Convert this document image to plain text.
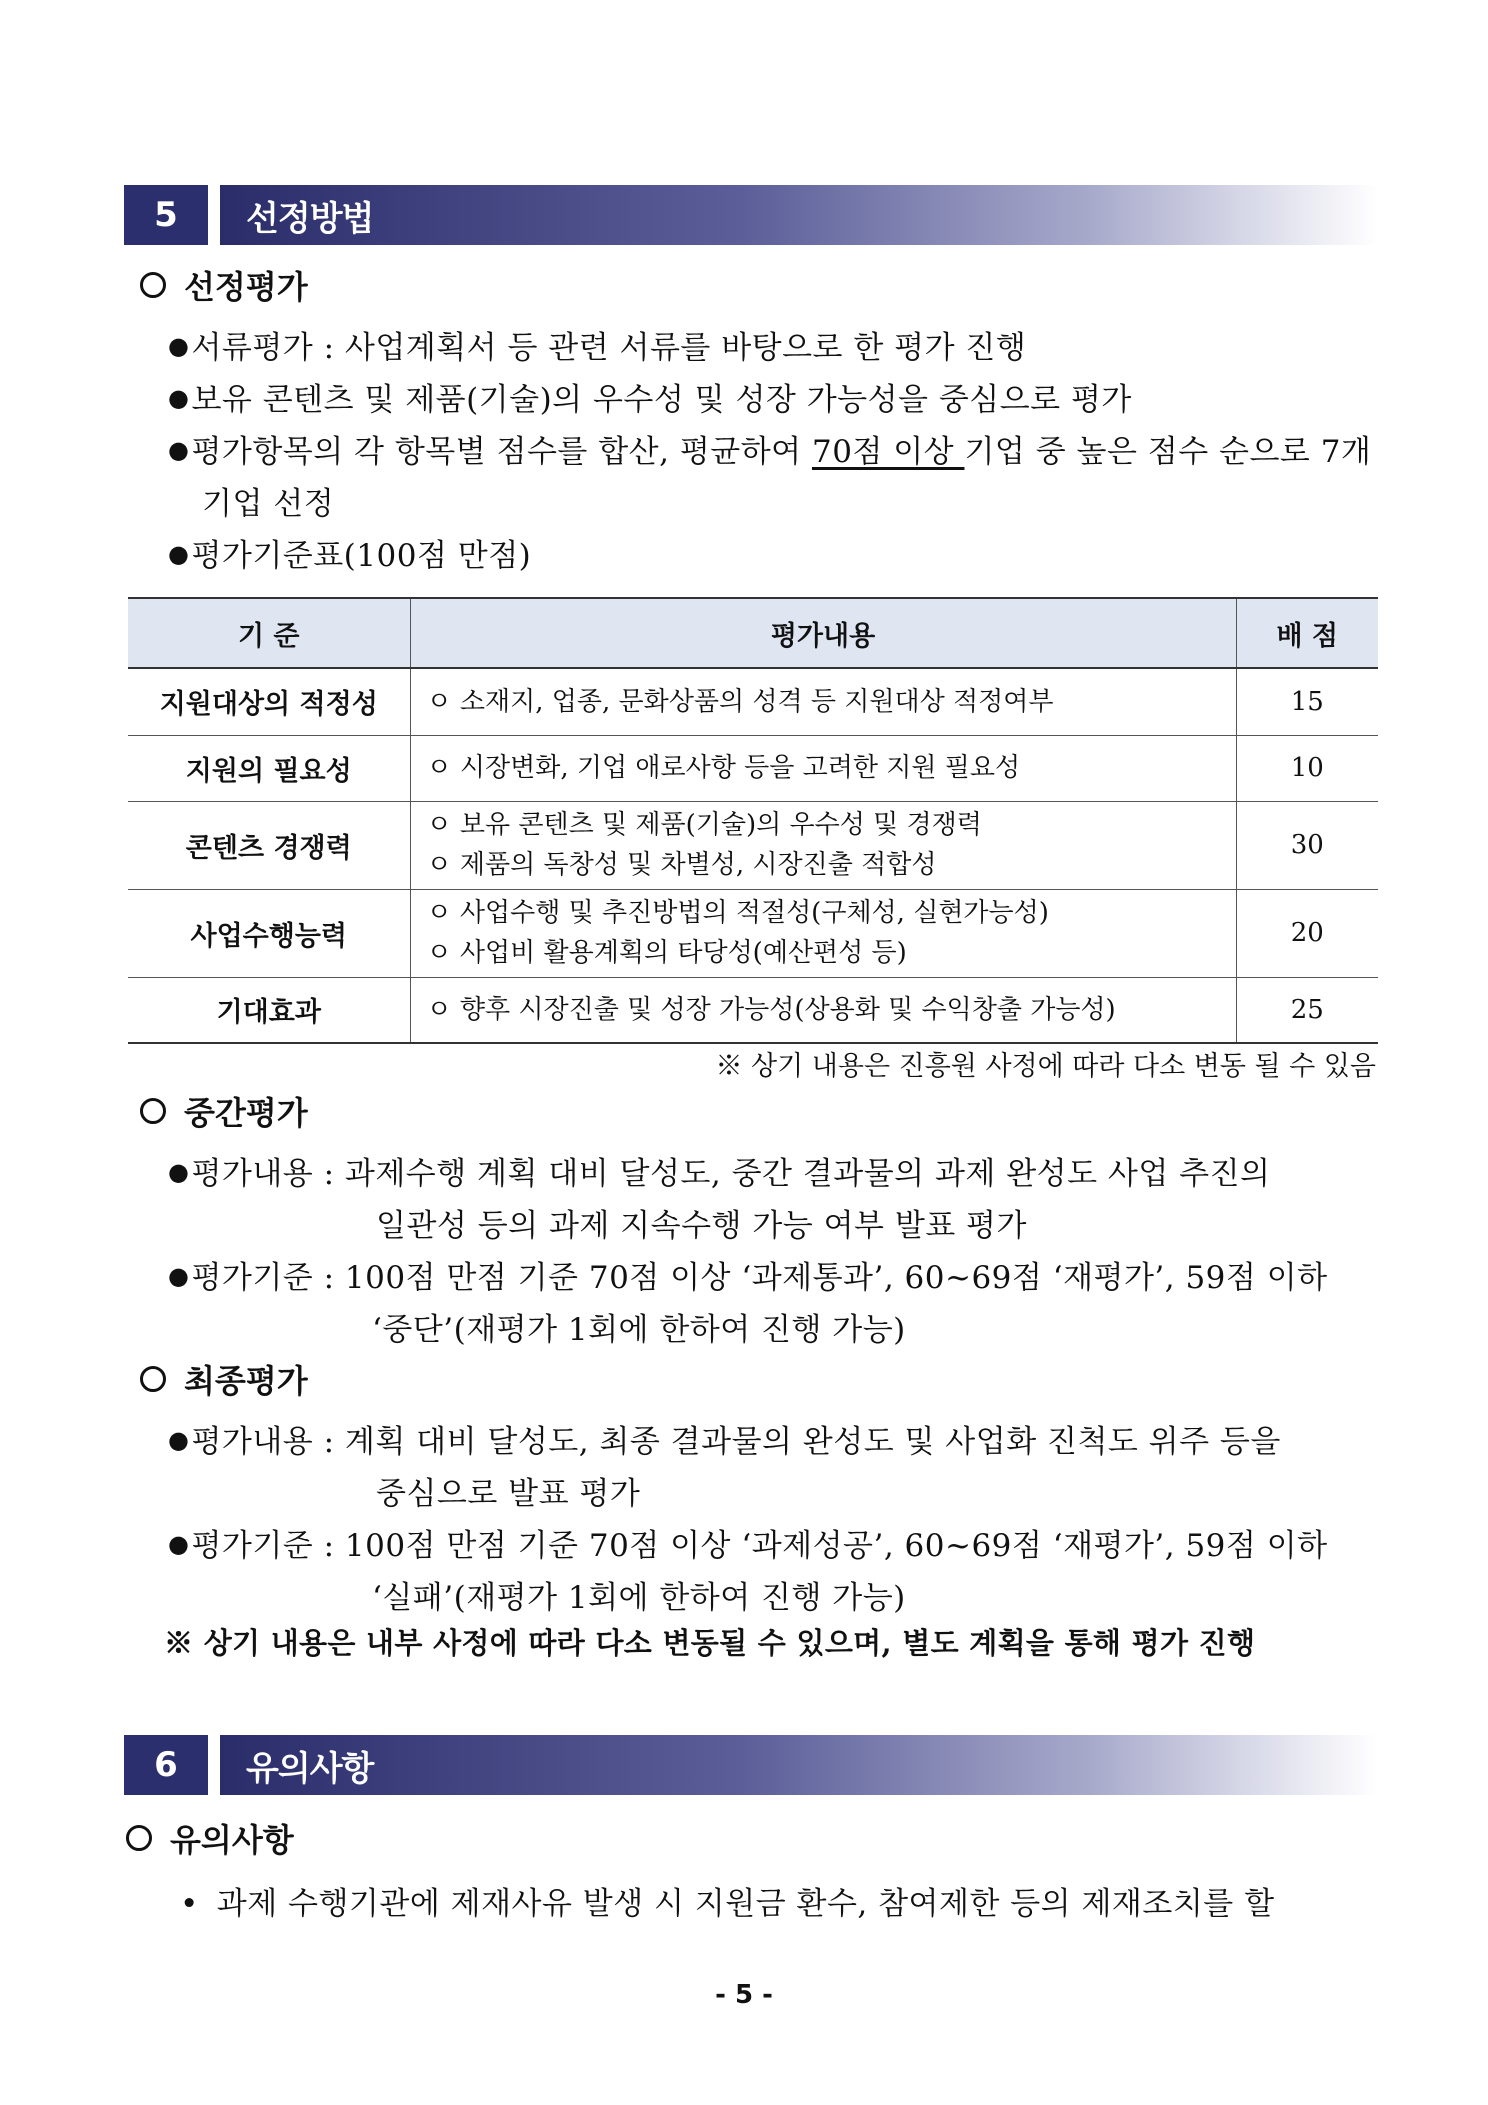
5	선정방법
선정평가
●서류평가 : 사업계획서 등 관련 서류를 바탕으로 한 평가 진행
●보유 콘텐츠 및 제품(기술)의 우수성 및 성장 가능성을 중심으로 평가
●평가항목의 각 항목별 점수를 합산, 평균하여 70점 이상 기업 중 높은 점수 순으로 7개
기업 선정
●평가기준표(100점 만점)
기 준	평가내용	배 점
지원대상의 적정성	ㅇ 소재지, 업종, 문화상품의 성격 등 지원대상 적정여부	15
지원의 필요성	ㅇ 시장변화, 기업 애로사항 등을 고려한 지원 필요성	10
콘텐츠 경쟁력	ㅇ 보유 콘텐츠 및 제품(기술)의 우수성 및 경쟁력
ㅇ 제품의 독창성 및 차별성, 시장진출 적합성	30
사업수행능력	ㅇ 사업수행 및 추진방법의 적절성(구체성, 실현가능성)
ㅇ 사업비 활용계획의 타당성(예산편성 등)	20
기대효과	ㅇ 향후 시장진출 및 성장 가능성(상용화 및 수익창출 가능성)	25
※ 상기 내용은 진흥원 사정에 따라 다소 변동 될 수 있음
중간평가
●평가내용 : 과제수행 계획 대비 달성도, 중간 결과물의 과제 완성도 사업 추진의
일관성 등의 과제 지속수행 가능 여부 발표 평가
●평가기준 : 100점 만점 기준 70점 이상 ‘과제통과’, 60~69점 ‘재평가’, 59점 이하
‘중단’(재평가 1회에 한하여 진행 가능)
최종평가
●평가내용 : 계획 대비 달성도, 최종 결과물의 완성도 및 사업화 진척도 위주 등을
중심으로 발표 평가
●평가기준 : 100점 만점 기준 70점 이상 ‘과제성공’, 60~69점 ‘재평가’, 59점 이하
‘실패’(재평가 1회에 한하여 진행 가능)
※ 상기 내용은 내부 사정에 따라 다소 변동될 수 있으며, 별도 계획을 통해 평가 진행
6	유의사항
유의사항
• 과제 수행기관에 제재사유 발생 시 지원금 환수, 참여제한 등의 제재조치를 할
- 5 -
